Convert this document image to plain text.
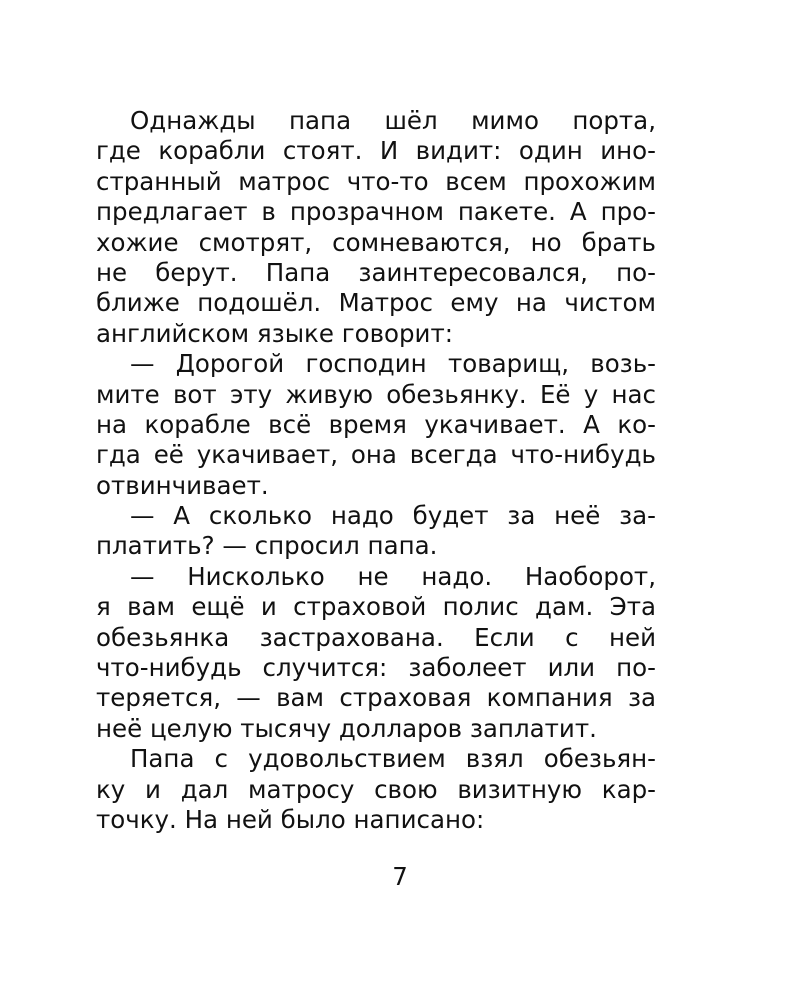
Однажды папа шёл мимо порта,
где корабли стоят. И видит: один ино-
странный матрос что-то всем прохожим
предлагает в прозрачном пакете. А про-
хожие смотрят, сомневаются, но брать
не берут. Папа заинтересовался, по-
ближе подошёл. Матрос ему на чистом
английском языке говорит:
— Дорогой господин товарищ, возь-
мите вот эту живую обезьянку. Её у нас
на корабле всё время укачивает. А ко-
гда её укачивает, она всегда что-нибудь
отвинчивает.
— А сколько надо будет за неё за-
платить? — спросил папа.
— Нисколько не надо. Наоборот,
я вам ещё и страховой полис дам. Эта
обезьянка застрахована. Если с ней
что-нибудь случится: заболеет или по-
теряется, — вам страховая компания за
неё целую тысячу долларов заплатит.
Папа с удовольствием взял обезьян-
ку и дал матросу свою визитную кар-
точку. На ней было написано:
7
